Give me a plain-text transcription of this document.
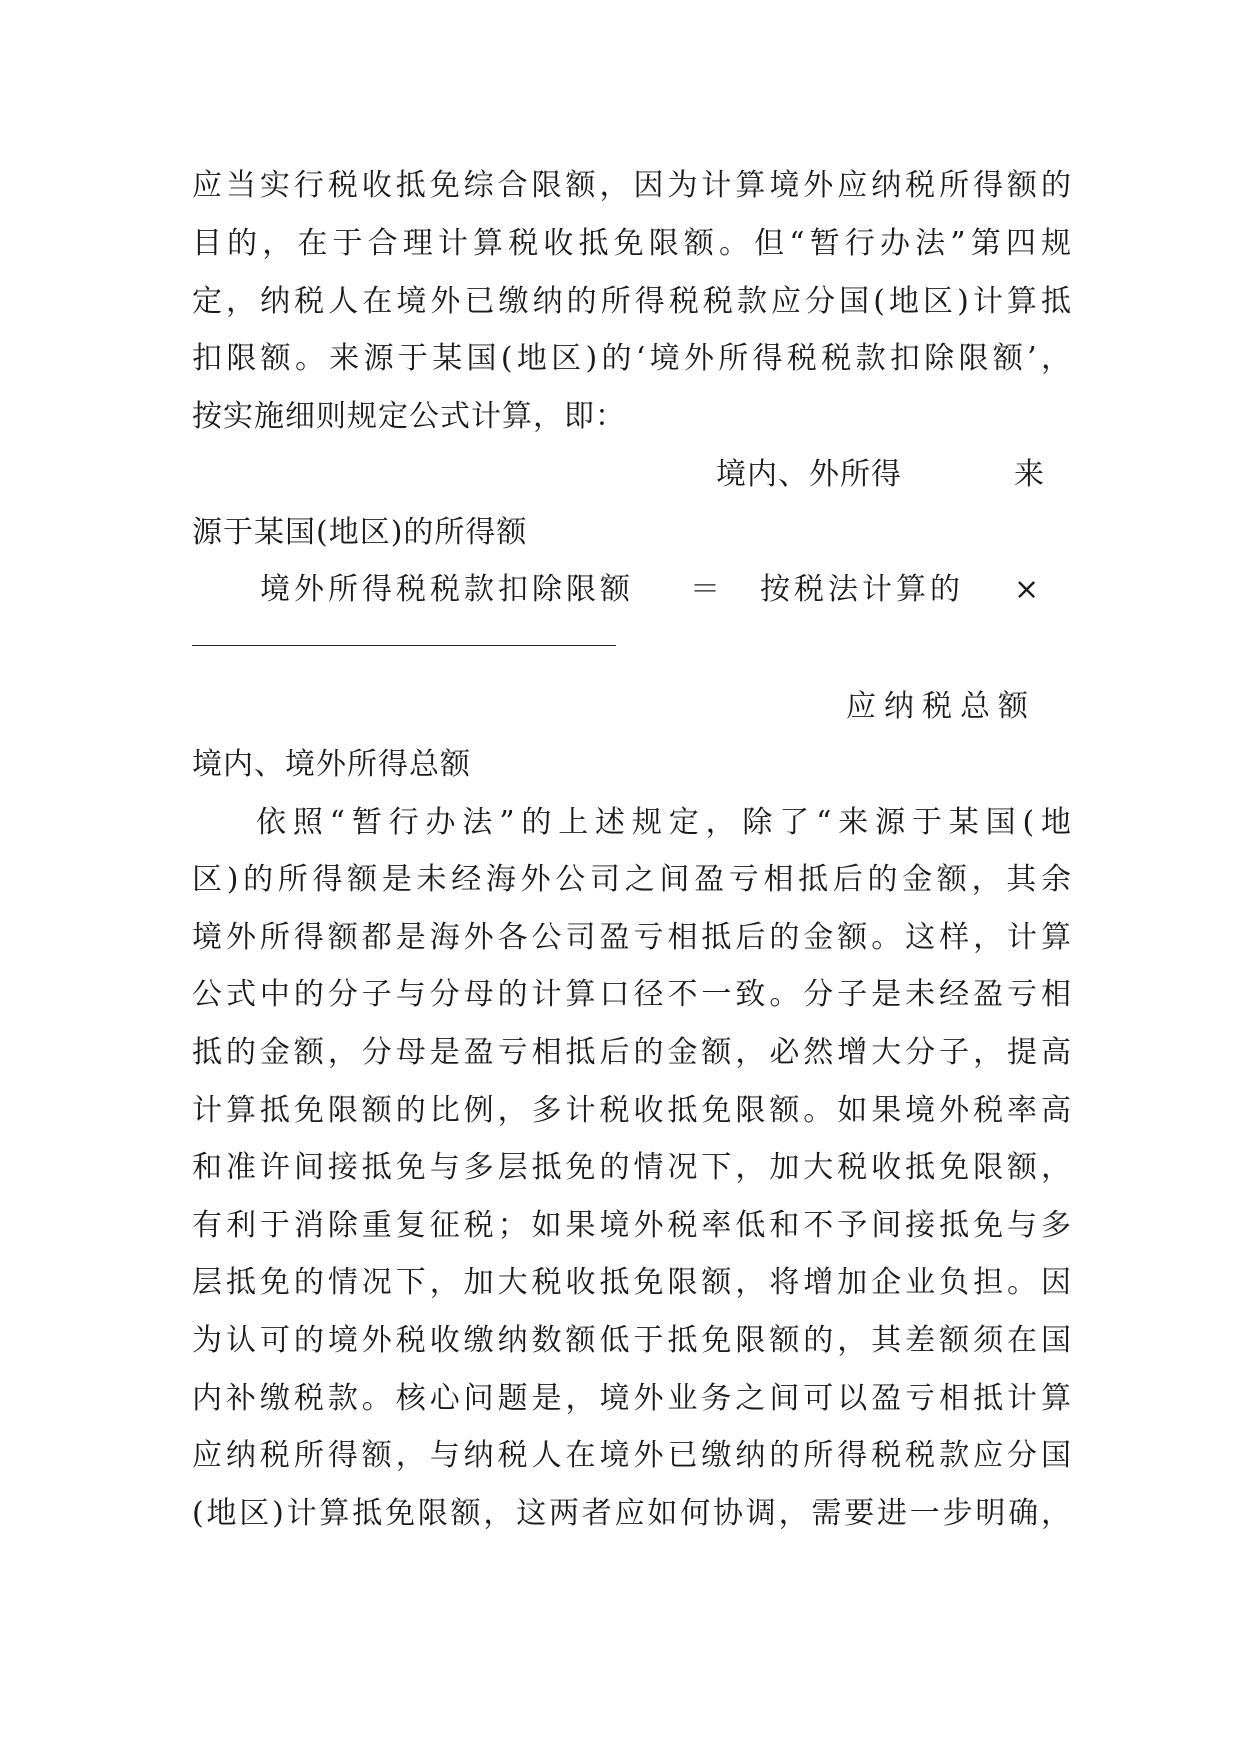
应当实行税收抵免综合限额，因为计算境外应纳税所得额的
目的，在于合理计算税收抵免限额。但“暂行办法”第四规
定，纳税人在境外已缴纳的所得税税款应分国(地区)计算抵
扣限额。来源于某国(地区)的‘境外所得税税款扣除限额’，
按实施细则规定公式计算，即：
境内、外所得	来
源于某国(地区)的所得额
境外所得税税款扣除限额	＝	按税法计算的	×
应纳税总额
境内、境外所得总额
依照“暂行办法”的上述规定，除了“来源于某国(地
区)的所得额是未经海外公司之间盈亏相抵后的金额，其余
境外所得额都是海外各公司盈亏相抵后的金额。这样，计算
公式中的分子与分母的计算口径不一致。分子是未经盈亏相
抵的金额，分母是盈亏相抵后的金额，必然增大分子，提高
计算抵免限额的比例，多计税收抵免限额。如果境外税率高
和准许间接抵免与多层抵免的情况下，加大税收抵免限额，
有利于消除重复征税；如果境外税率低和不予间接抵免与多
层抵免的情况下，加大税收抵免限额，将增加企业负担。因
为认可的境外税收缴纳数额低于抵免限额的，其差额须在国
内补缴税款。核心问题是，境外业务之间可以盈亏相抵计算
应纳税所得额，与纳税人在境外已缴纳的所得税税款应分国
(地区)计算抵免限额，这两者应如何协调，需要进一步明确，
